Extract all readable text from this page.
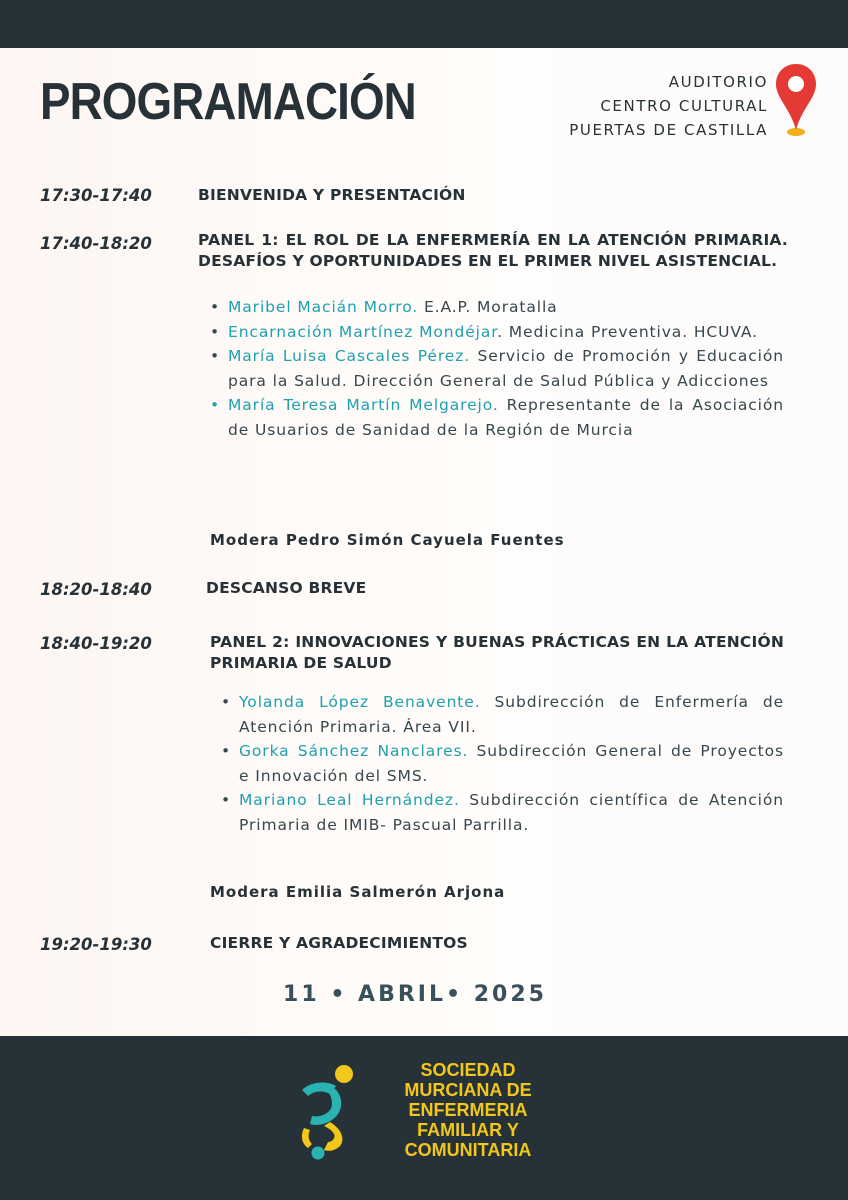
PROGRAMACIÓN	AUDITORIO
CENTRO CULTURAL
PUERTAS DE CASTILLA
17:30-17:40	BIENVENIDA Y PRESENTACIÓN
17:40-18:20	PANEL 1: EL ROL DE LA ENFERMERÍA EN LA ATENCIÓN PRIMARIA. DESAFÍOS Y OPORTUNIDADES EN EL PRIMER NIVEL ASISTENCIAL.
• Maribel Macián Morro. E.A.P. Moratalla
• Encarnación Martínez Mondéjar. Medicina Preventiva. HCUVA.
• María Luisa Cascales Pérez. Servicio de Promoción y Educación para la Salud. Dirección General de Salud Pública y Adicciones
• María Teresa Martín Melgarejo. Representante de la Asociación de Usuarios de Sanidad de la Región de Murcia
Modera Pedro Simón Cayuela Fuentes
18:20-18:40	DESCANSO BREVE
18:40-19:20	PANEL 2: INNOVACIONES Y BUENAS PRÁCTICAS EN LA ATENCIÓN PRIMARIA DE SALUD
• Yolanda López Benavente. Subdirección de Enfermería de Atención Primaria. Área VII.
• Gorka Sánchez Nanclares. Subdirección General de Proyectos e Innovación del SMS.
• Mariano Leal Hernández. Subdirección científica de Atención Primaria de IMIB- Pascual Parrilla.
Modera Emilia Salmerón Arjona
19:20-19:30	CIERRE Y AGRADECIMIENTOS
11 • ABRIL• 2025
SOCIEDAD
MURCIANA DE
ENFERMERIA
FAMILIAR Y
COMUNITARIA
